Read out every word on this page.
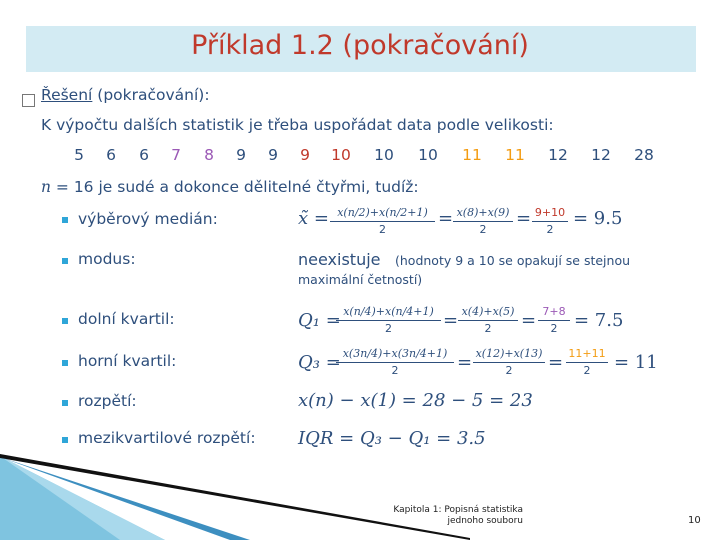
Příklad 1.2 (pokračování)
Řešení (pokračování):
K výpočtu dalších statistik je třeba uspořádat data podle velikosti:
5	6	6	7	8	9	9	9	10	10	10	11	11	12	12	28
n = 16 je sudé a dokonce dělitelné čtyřmi, tudíž:
výběrový medián:	x̃ = x(n/2)+x(n/2+1)
2
= x(8)+x(9)
2
= 9+10
2
= 9.5
modus:	neexistuje (hodnoty 9 a 10 se opakují se stejnou
maximální četností)
dolní kvartil:	Q₁ = x(n/4)+x(n/4+1)
2	= x(4)+x(5)
2	= 7+8
2 = 7.5
horní kvartil:	Q₃ = x(3n/4)+x(3n/4+1)
2	= x(12)+x(13)
2	= 11+11
2	= 11
rozpětí:	x(n) − x(1) = 28 − 5 = 23
mezikvartilové rozpětí: IQR = Q₃ − Q₁ = 3.5
Kapitola 1: Popisná statistika
jednoho souboru	10
